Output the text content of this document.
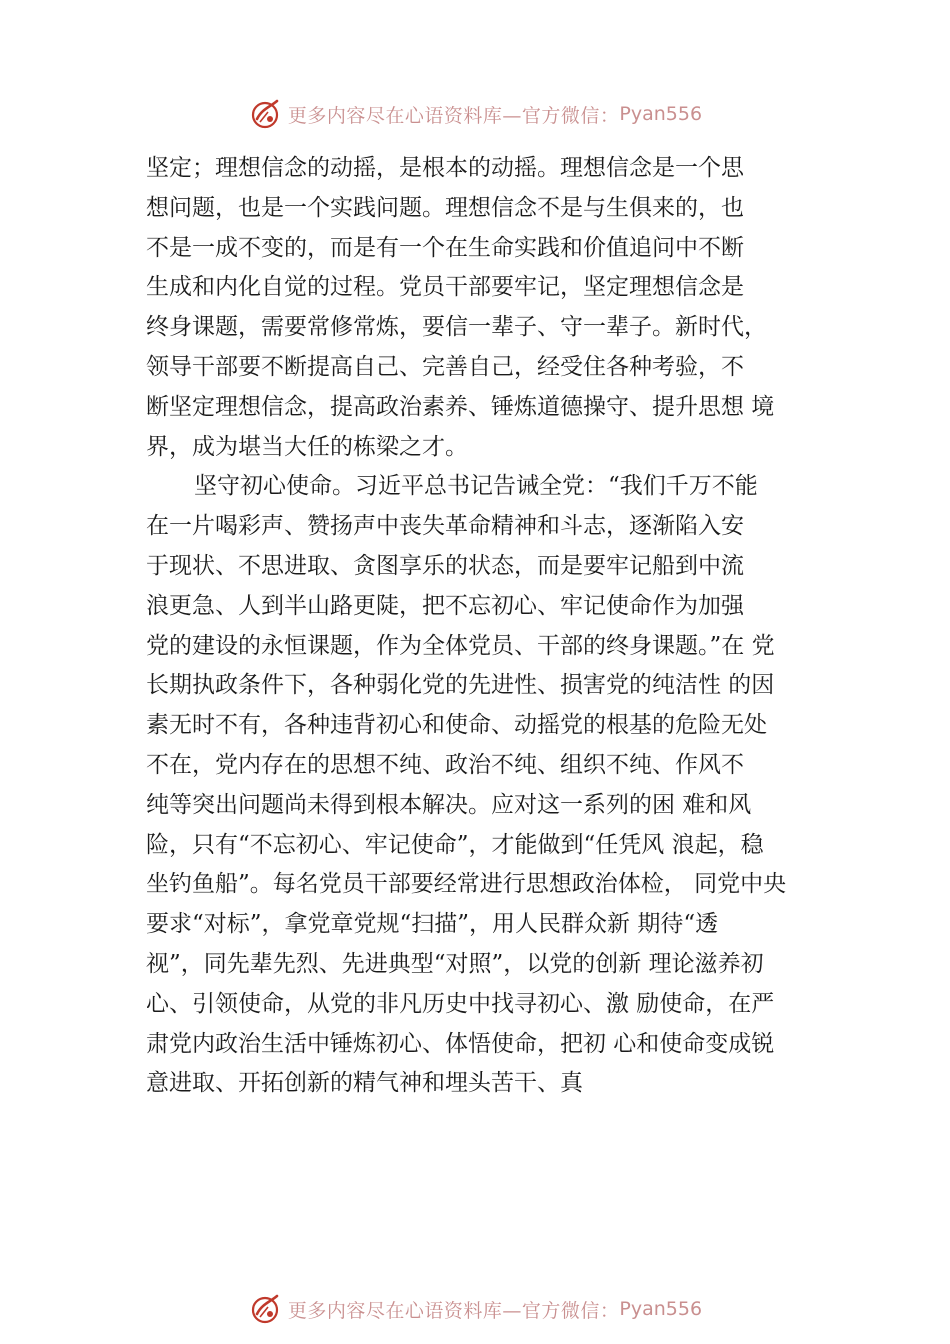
更多内容尽在心语资料库—官方微信： Pyan556
坚定；理想信念的动摇，是根本的动摇。理想信念是一个思
想问题，也是一个实践问题。理想信念不是与生俱来的，也
不是一成不变的，而是有一个在生命实践和价值追问中不断
生成和内化自觉的过程。党员干部要牢记，坚定理想信念是
终身课题，需要常修常炼，要信一辈子、守一辈子。新时代，
领导干部要不断提高自己、完善自己，经受住各种考验，不
断坚定理想信念，提高政治素养、锤炼道德操守、提升思想 境
界，成为堪当大任的栋梁之才。
坚守初心使命。习近平总书记告诫全党：“我们千万不能
在一片喝彩声、赞扬声中丧失革命精神和斗志，逐渐陷入安
于现状、不思进取、贪图享乐的状态，而是要牢记船到中流
浪更急、人到半山路更陡，把不忘初心、牢记使命作为加强
党的建设的永恒课题，作为全体党员、干部的终身课题。”在 党
长期执政条件下，各种弱化党的先进性、损害党的纯洁性 的因
素无时不有，各种违背初心和使命、动摇党的根基的危险无处
不在，党内存在的思想不纯、政治不纯、组织不纯、作风不
纯等突出问题尚未得到根本解决。应对这一系列的困 难和风
险，只有“不忘初心、牢记使命”，才能做到“任凭风 浪起，稳
坐钓鱼船”。每名党员干部要经常进行思想政治体检， 同党中央
要求“对标”，拿党章党规“扫描”，用人民群众新 期待“透
视”，同先辈先烈、先进典型“对照”，以党的创新 理论滋养初
心、引领使命，从党的非凡历史中找寻初心、激 励使命，在严
肃党内政治生活中锤炼初心、体悟使命，把初 心和使命变成锐
意进取、开拓创新的精气神和埋头苦干、真
更多内容尽在心语资料库—官方微信： Pyan556
